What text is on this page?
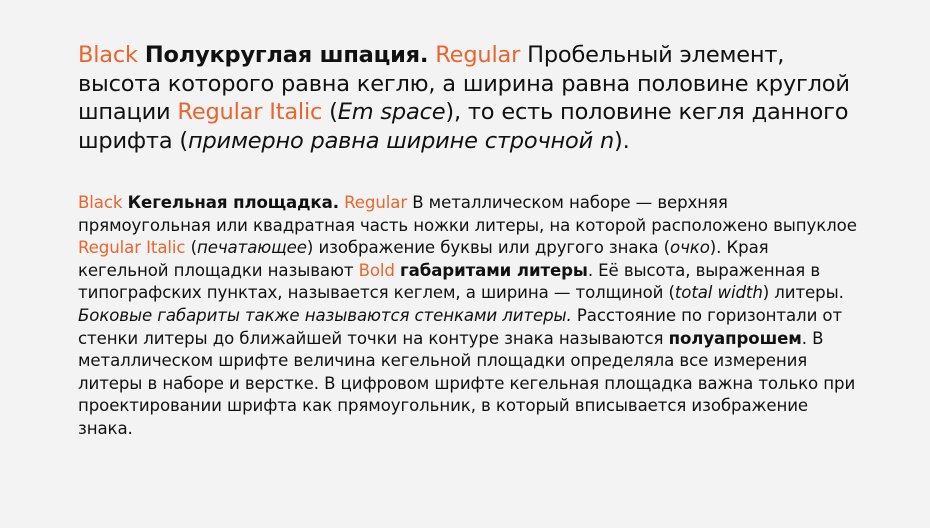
Black Полукруглая шпация. Regular Пробельный элемент, высота которого равна кеглю, а ширина равна половине круглой шпации Regular Italic (Em space), то есть половине кегля данного шрифта (примерно равна ширине строчной n).

Black Кегельная площадка. Regular В металлическом наборе — верхняя прямоугольная или квадратная часть ножки литеры, на которой расположено выпуклое Regular Italic (печатающее) изображение буквы или другого знака (очко). Края кегельной площадки называют Bold габаритами литеры. Её высота, выраженная в типографских пунктах, называется кеглем, а ширина — толщиной (total width) литеры. Боковые габариты также называются стенками литеры. Расстояние по горизонтали от стенки литеры до ближайшей точки на контуре знака называются полуапрошем. В металлическом шрифте величина кегельной площадки определяла все измерения литеры в наборе и верстке. В цифровом шрифте кегельная площадка важна только при проектировании шрифта как прямоугольник, в который вписывается изображение знака.
